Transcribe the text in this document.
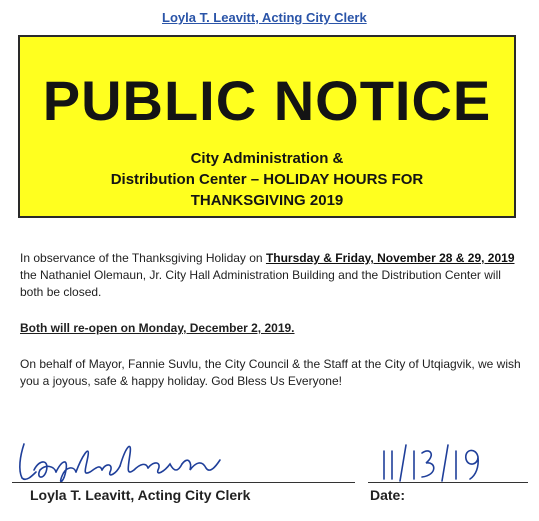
Loyla T. Leavitt, Acting City Clerk
PUBLIC NOTICE
City Administration &
Distribution Center – HOLIDAY HOURS FOR
THANKSGIVING 2019
In observance of the Thanksgiving Holiday on Thursday & Friday, November 28 & 29, 2019 the Nathaniel Olemaun, Jr. City Hall Administration Building and the Distribution Center will both be closed.
Both will re-open on Monday, December 2, 2019.
On behalf of Mayor, Fannie Suvlu, the City Council & the Staff at the City of Utqiagvik, we wish you a joyous, safe & happy holiday. God Bless Us Everyone!
Loyla T. Leavitt, Acting City Clerk	Date:
